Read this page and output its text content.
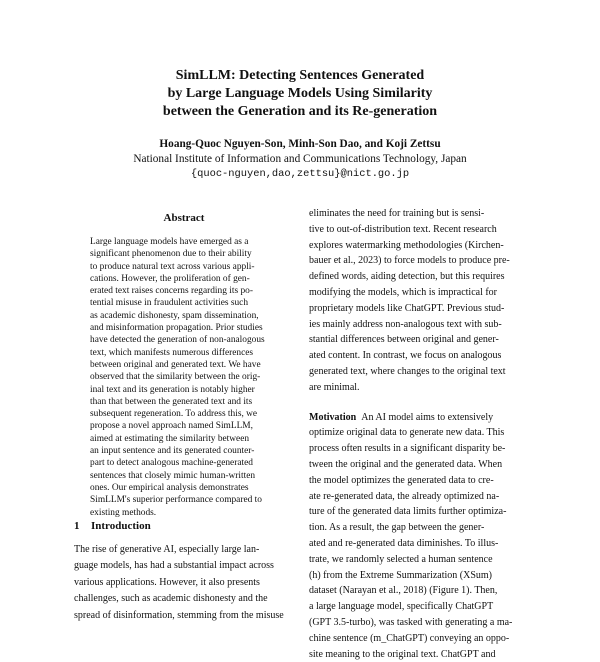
SimLLM: Detecting Sentences Generated
by Large Language Models Using Similarity
between the Generation and its Re-generation
Hoang-Quoc Nguyen-Son, Minh-Son Dao, and Koji Zettsu
National Institute of Information and Communications Technology, Japan
{quoc-nguyen,dao,zettsu}@nict.go.jp
Abstract
Large language models have emerged as a
significant phenomenon due to their ability
to produce natural text across various appli-
cations. However, the proliferation of gen-
erated text raises concerns regarding its po-
tential misuse in fraudulent activities such
as academic dishonesty, spam dissemination,
and misinformation propagation. Prior studies
have detected the generation of non-analogous
text, which manifests numerous differences
between original and generated text. We have
observed that the similarity between the orig-
inal text and its generation is notably higher
than that between the generated text and its
subsequent regeneration. To address this, we
propose a novel approach named SimLLM,
aimed at estimating the similarity between
an input sentence and its generated counter-
part to detect analogous machine-generated
sentences that closely mimic human-written
ones. Our empirical analysis demonstrates
SimLLM's superior performance compared to
existing methods.
1 Introduction
The rise of generative AI, especially large lan-
guage models, has had a substantial impact across
various applications. However, it also presents
challenges, such as academic dishonesty and the
spread of disinformation, stemming from the misuse
eliminates the need for training but is sensi-
tive to out-of-distribution text. Recent research
explores watermarking methodologies (Kirchen-
bauer et al., 2023) to force models to produce pre-
defined words, aiding detection, but this requires
modifying the models, which is impractical for
proprietary models like ChatGPT. Previous stud-
ies mainly address non-analogous text with sub-
stantial differences between original and gener-
ated content. In contrast, we focus on analogous
generated text, where changes to the original text
are minimal.
Motivation An AI model aims to extensively
optimize original data to generate new data. This
process often results in a significant disparity be-
tween the original and the generated data. When
the model optimizes the generated data to cre-
ate re-generated data, the already optimized na-
ture of the generated data limits further optimiza-
tion. As a result, the gap between the gener-
ated and re-generated data diminishes. To illus-
trate, we randomly selected a human sentence
(h) from the Extreme Summarization (XSum)
dataset (Narayan et al., 2018) (Figure 1). Then,
a large language model, specifically ChatGPT
(GPT 3.5-turbo), was tasked with generating a ma-
chine sentence (m_ChatGPT) conveying an oppo-
site meaning to the original text. ChatGPT and
